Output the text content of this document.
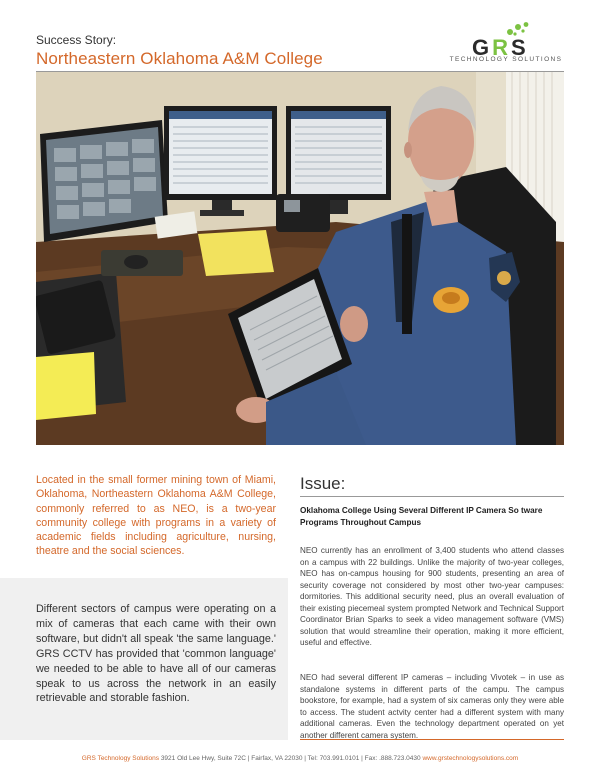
Success Story:
Northeastern Oklahoma A&M College	GRS
TECHNOLOGY SOLUTIONS
Located in the small former mining town of Miami, Oklahoma, Northeastern Oklahoma A&M College, commonly referred to as NEO, is a two-year community college with programs in a variety of academic fields including agriculture, nursing, theatre and the social sciences.
Different sectors of campus were operating on a mix of cameras that each came with their own software, but didn't all speak 'the same language.' GRS CCTV has provided that 'common language' we needed to be able to have all of our cameras speak to us across the network in an easily retrievable and storable fashion.
Issue:
Oklahoma College Using Several Different IP Camera So tware Programs Throughout Campus
NEO currently has an enrollment of 3,400 students who attend classes on a campus with 22 buildings. Unlike the majority of two-year colleges, NEO has on-campus housing for 900 students, presenting an area of security coverage not considered by most other two-year campuses: dormitories. This additional security need, plus an overall evaluation of their existing piecemeal system prompted Network and Technical Support Coordinator Brian Sparks to seek a video management software (VMS) solution that would streamline their operation, making it more efficient, useful and effective.
NEO had several different IP cameras – including Vivotek – in use as standalone systems in different parts of the campu. The campus bookstore, for example, had a system of six cameras only they were able to access. The student actvity center had a different system with many additional cameras. Even the technology department operated on yet another different camera system.
GRS Technology Solutions 3921 Old Lee Hwy, Suite 72C | Fairfax, VA 22030 | Tel: 703.991.0101 | Fax: .888.723.0430 www.grstechnologysolutions.com
